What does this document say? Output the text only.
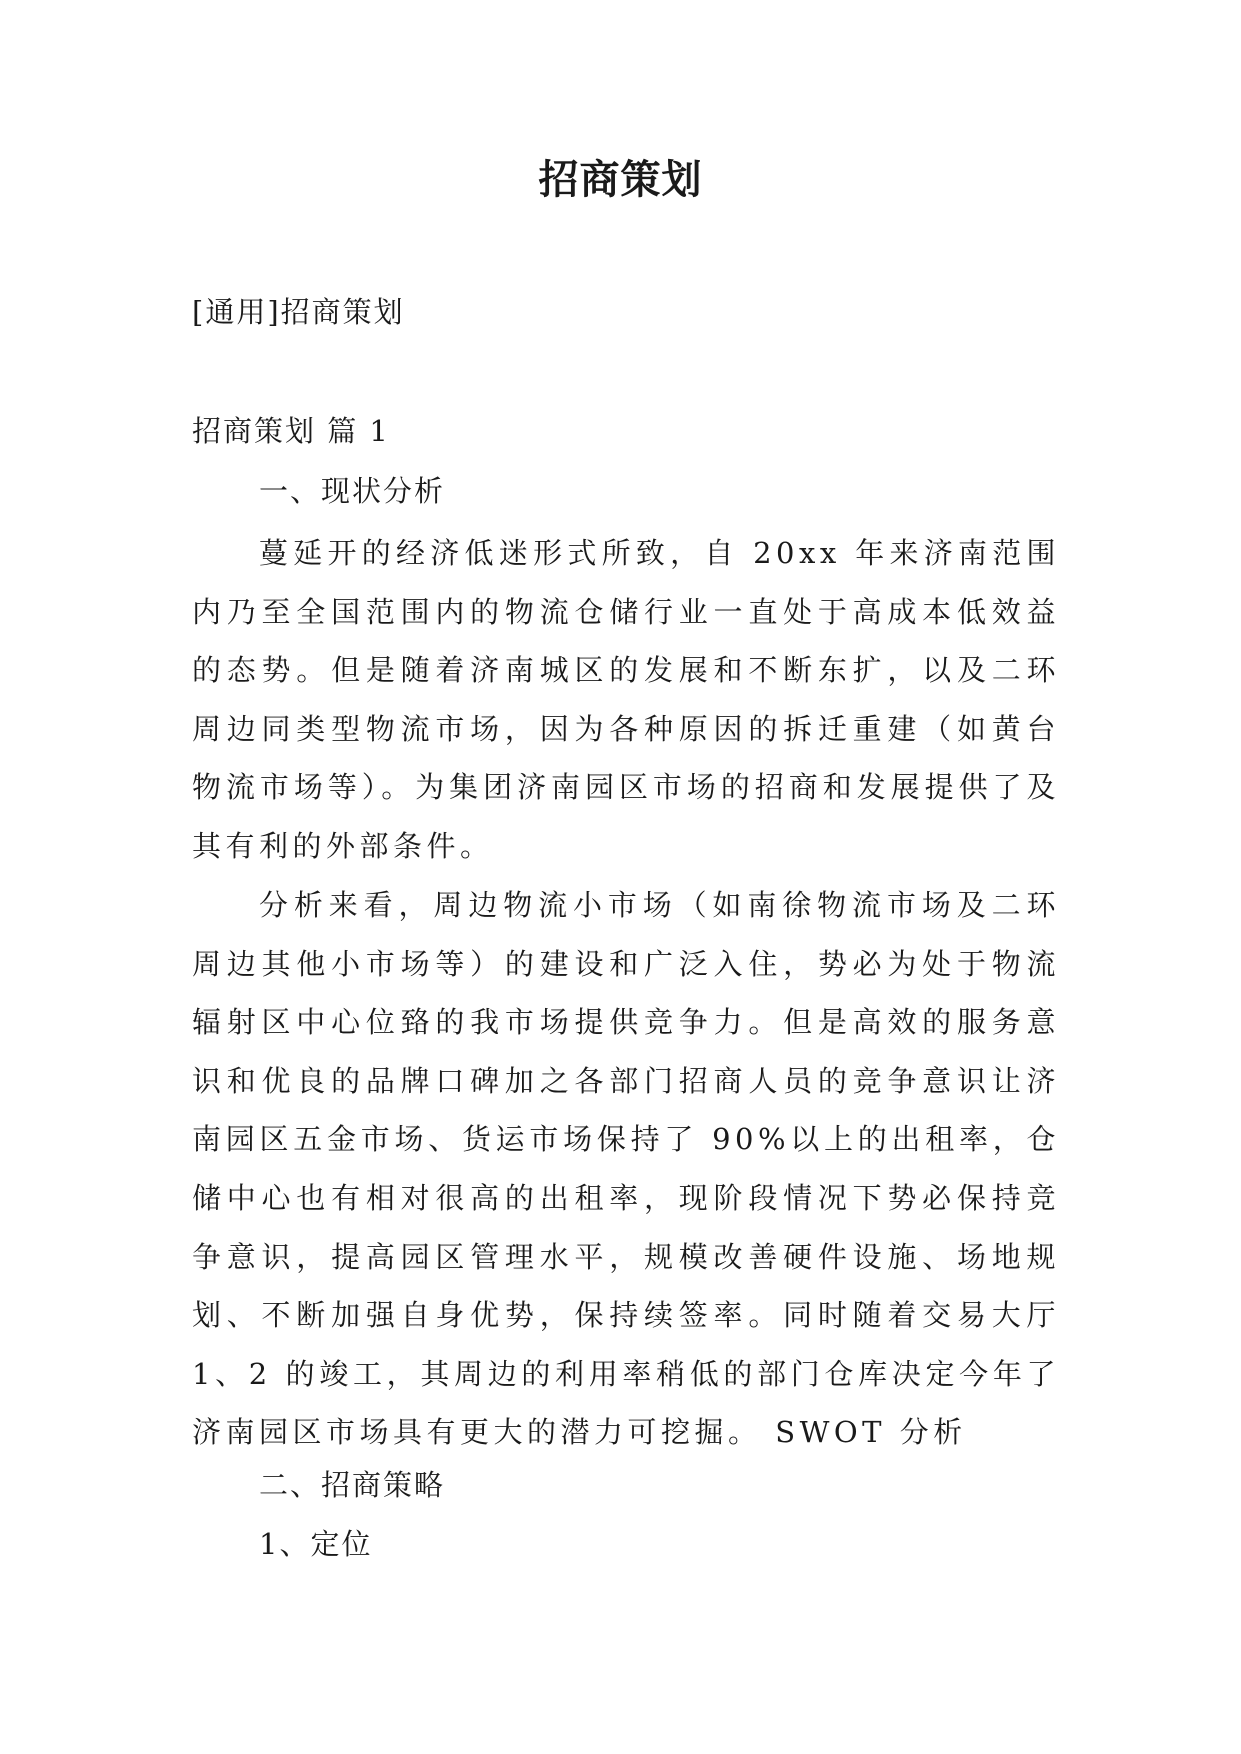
招商策划
[通用]招商策划
招商策划 篇 1
一、现状分析

蔓延开的经济低迷形式所致，自 20xx 年来济南范围内乃至全国范围内的物流仓储行业一直处于高成本低效益的态势。但是随着济南城区的发展和不断东扩，以及二环周边同类型物流市场，因为各种原因的拆迁重建（如黄台物流市场等）。为集团济南园区市场的招商和发展提供了及其有利的外部条件。

分析来看，周边物流小市场（如南徐物流市场及二环周边其他小市场等）的建设和广泛入住，势必为处于物流辐射区中心位臵的我市场提供竞争力。但是高效的服务意识和优良的品牌口碑加之各部门招商人员的竞争意识让济南园区五金市场、货运市场保持了 90%以上的出租率，仓储中心也有相对很高的出租率，现阶段情况下势必保持竞争意识，提高园区管理水平，规模改善硬件设施、场地规划、不断加强自身优势，保持续签率。同时随着交易大厅 1、2 的竣工，其周边的利用率稍低的部门仓库决定今年了济南园区市场具有更大的潜力可挖掘。 SWOT 分析

二、招商策略
1、定位
